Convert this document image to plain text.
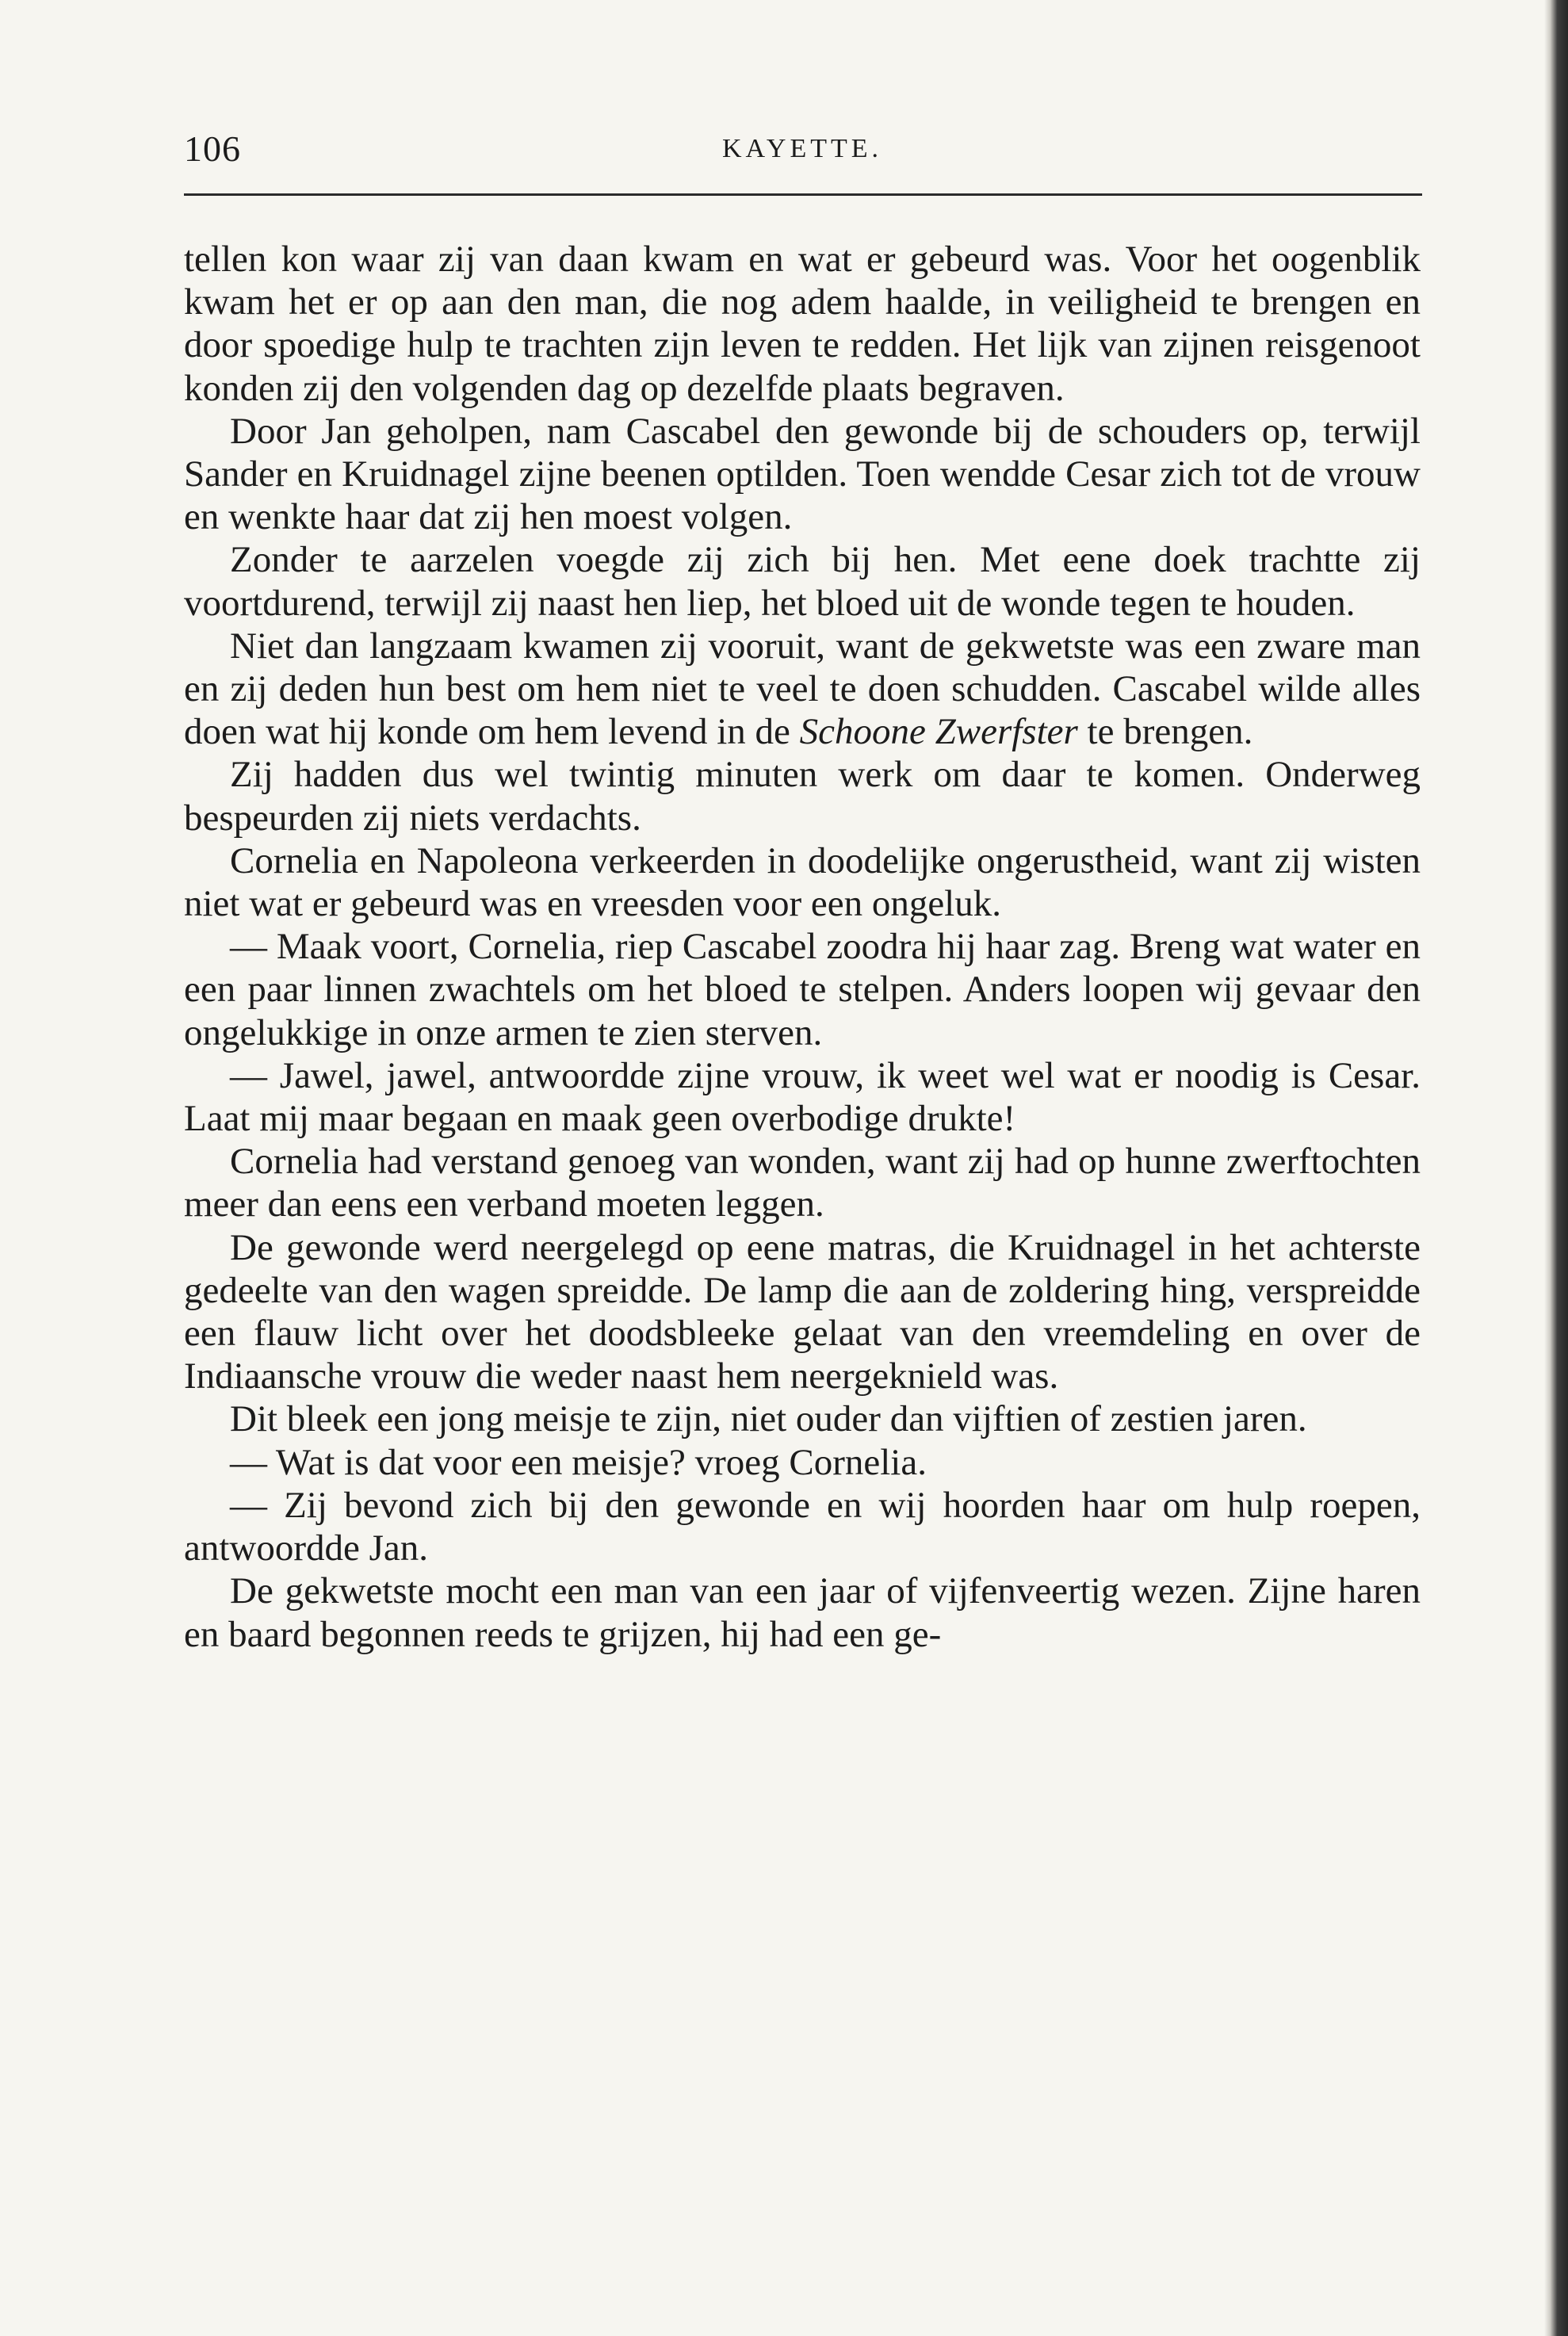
106	KAYETTE.

tellen kon waar zij van daan kwam en wat er gebeurd was. Voor het oogenblik kwam het er op aan den man, die nog adem haalde, in veiligheid te brengen en door spoedige hulp te trachten zijn leven te redden. Het lijk van zijnen reisgenoot konden zij den volgenden dag op dezelfde plaats begraven.

Door Jan geholpen, nam Cascabel den gewonde bij de schouders op, terwijl Sander en Kruidnagel zijne beenen optilden. Toen wendde Cesar zich tot de vrouw en wenkte haar dat zij hen moest volgen.

Zonder te aarzelen voegde zij zich bij hen. Met eene doek trachtte zij voortdurend, terwijl zij naast hen liep, het bloed uit de wonde tegen te houden.

Niet dan langzaam kwamen zij vooruit, want de gekwetste was een zware man en zij deden hun best om hem niet te veel te doen schudden. Cascabel wilde alles doen wat hij konde om hem levend in de Schoone Zwerfster te brengen.

Zij hadden dus wel twintig minuten werk om daar te komen. Onderweg bespeurden zij niets verdachts.

Cornelia en Napoleona verkeerden in doodelijke ongerustheid, want zij wisten niet wat er gebeurd was en vreesden voor een ongeluk.

— Maak voort, Cornelia, riep Cascabel zoodra hij haar zag. Breng wat water en een paar linnen zwachtels om het bloed te stelpen. Anders loopen wij gevaar den ongelukkige in onze armen te zien sterven.

— Jawel, jawel, antwoordde zijne vrouw, ik weet wel wat er noodig is Cesar. Laat mij maar begaan en maak geen overbodige drukte!

Cornelia had verstand genoeg van wonden, want zij had op hunne zwerftochten meer dan eens een verband moeten leggen.

De gewonde werd neergelegd op eene matras, die Kruidnagel in het achterste gedeelte van den wagen spreidde. De lamp die aan de zoldering hing, verspreidde een flauw licht over het doodsbleeke gelaat van den vreemdeling en over de Indiaansche vrouw die weder naast hem neergeknield was.

Dit bleek een jong meisje te zijn, niet ouder dan vijftien of zestien jaren.

— Wat is dat voor een meisje? vroeg Cornelia.

— Zij bevond zich bij den gewonde en wij hoorden haar om hulp roepen, antwoordde Jan.

De gekwetste mocht een man van een jaar of vijfenveertig wezen. Zijne haren en baard begonnen reeds te grijzen, hij had een ge-
